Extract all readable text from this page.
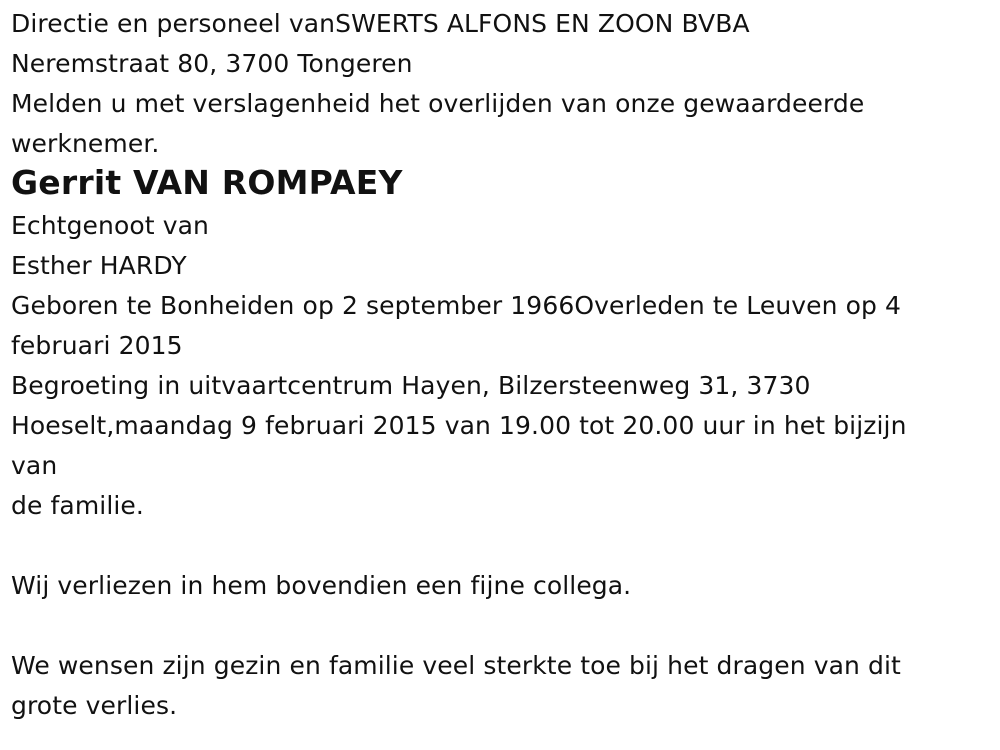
Directie en personeel vanSWERTS ALFONS EN ZOON BVBA
Neremstraat 80, 3700 Tongeren
Melden u met verslagenheid het overlijden van onze gewaardeerde
werknemer.
Gerrit VAN ROMPAEY
Echtgenoot van
Esther HARDY
Geboren te Bonheiden op 2 september 1966Overleden te Leuven op 4
februari 2015
Begroeting in uitvaartcentrum Hayen, Bilzersteenweg 31, 3730
Hoeselt,maandag 9 februari 2015 van 19.00 tot 20.00 uur in het bijzijn
van
de familie.
Wij verliezen in hem bovendien een fijne collega.
We wensen zijn gezin en familie veel sterkte toe bij het dragen van dit
grote verlies.
